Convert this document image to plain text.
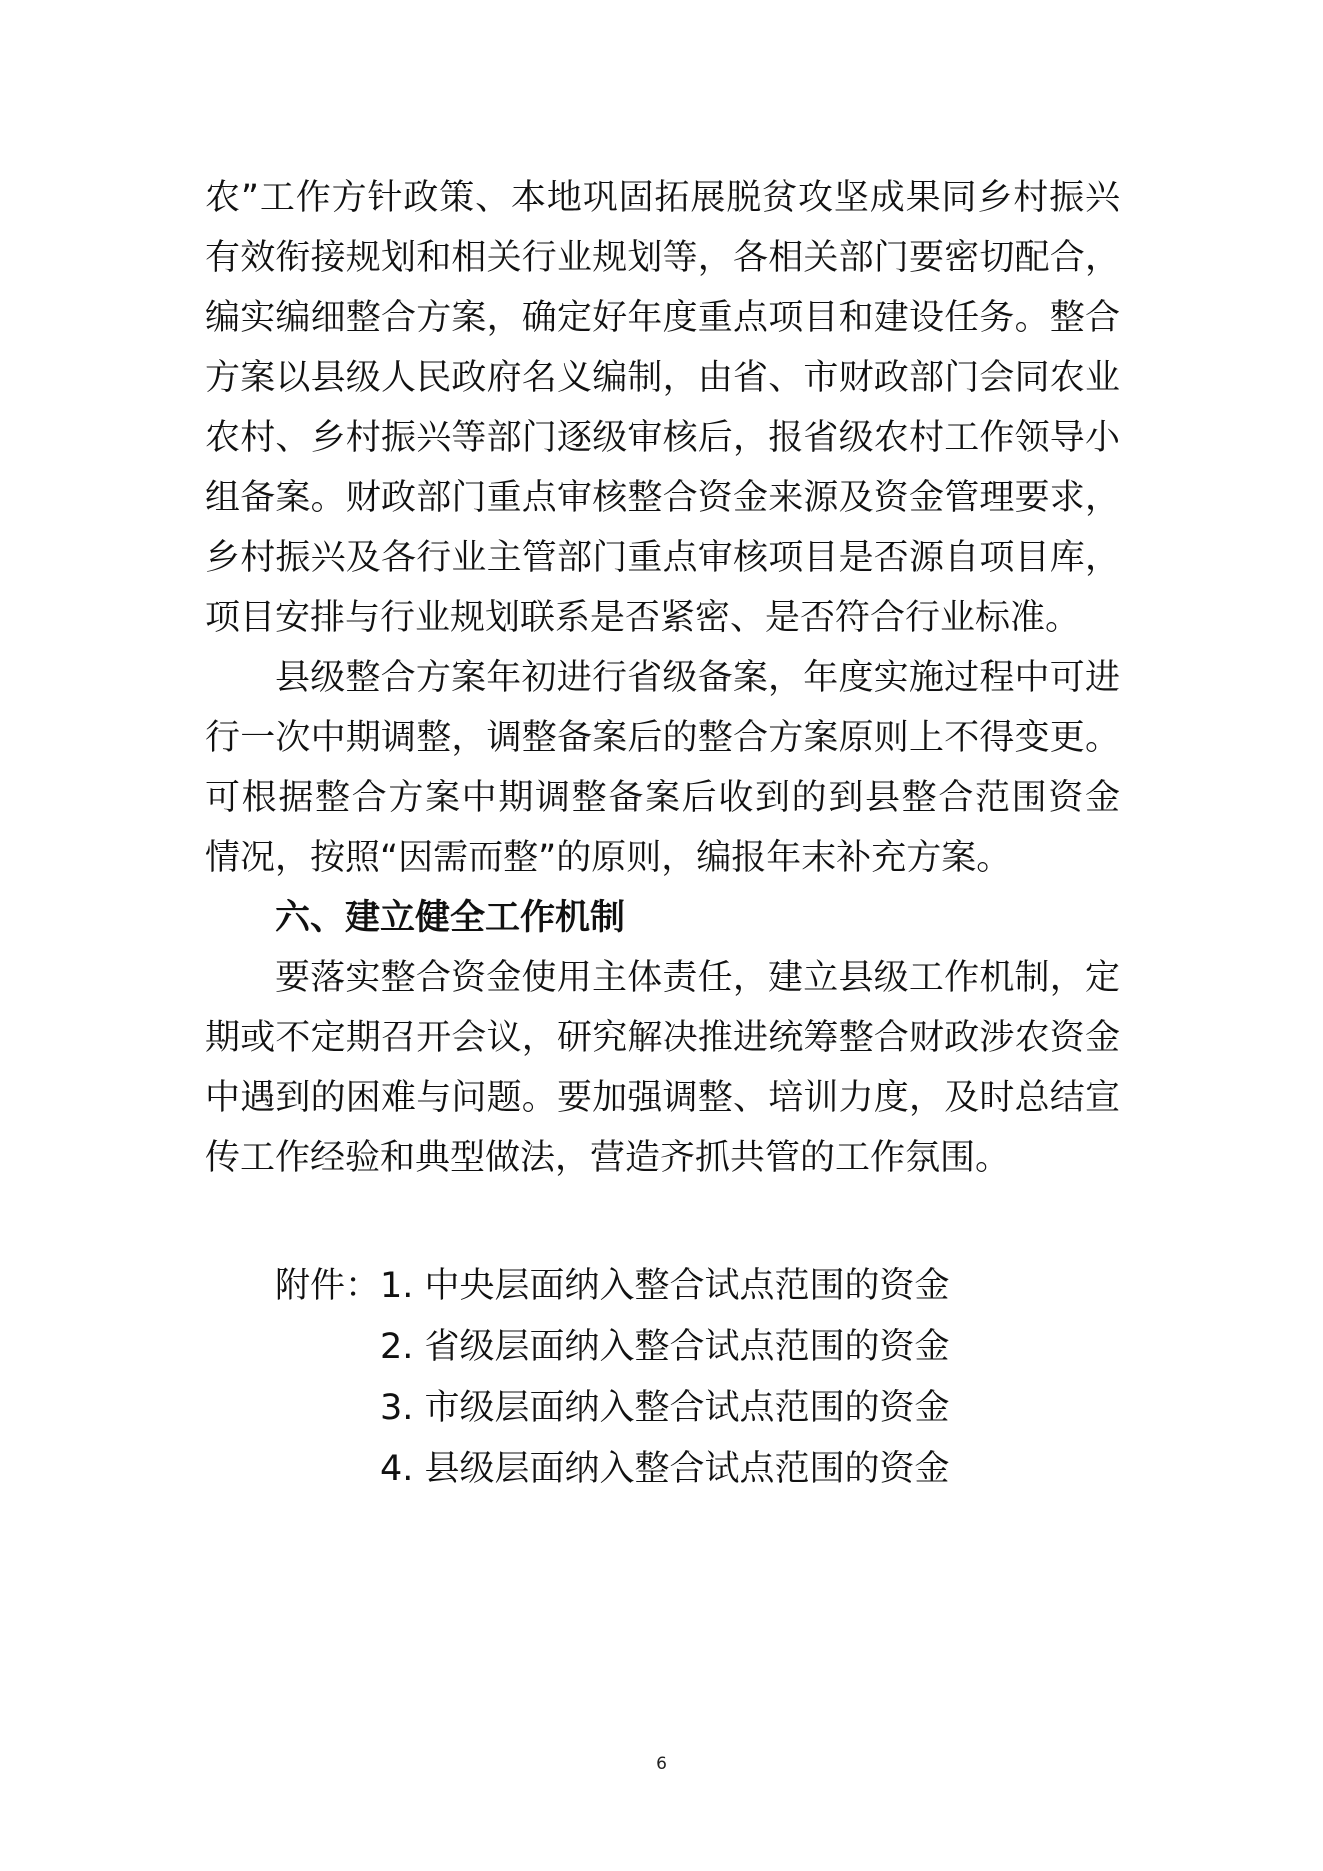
农”工作方针政策、本地巩固拓展脱贫攻坚成果同乡村振兴
有效衔接规划和相关行业规划等，各相关部门要密切配合，
编实编细整合方案，确定好年度重点项目和建设任务。整合
方案以县级人民政府名义编制，由省、市财政部门会同农业
农村、乡村振兴等部门逐级审核后，报省级农村工作领导小
组备案。财政部门重点审核整合资金来源及资金管理要求，
乡村振兴及各行业主管部门重点审核项目是否源自项目库，
项目安排与行业规划联系是否紧密、是否符合行业标准。
县级整合方案年初进行省级备案，年度实施过程中可进
行一次中期调整，调整备案后的整合方案原则上不得变更。
可根据整合方案中期调整备案后收到的到县整合范围资金
情况，按照“因需而整”的原则，编报年末补充方案。
六、建立健全工作机制
要落实整合资金使用主体责任，建立县级工作机制，定
期或不定期召开会议，研究解决推进统筹整合财政涉农资金
中遇到的困难与问题。要加强调整、培训力度，及时总结宣
传工作经验和典型做法，营造齐抓共管的工作氛围。
附件：1. 中央层面纳入整合试点范围的资金
2. 省级层面纳入整合试点范围的资金
3. 市级层面纳入整合试点范围的资金
4. 县级层面纳入整合试点范围的资金
6
